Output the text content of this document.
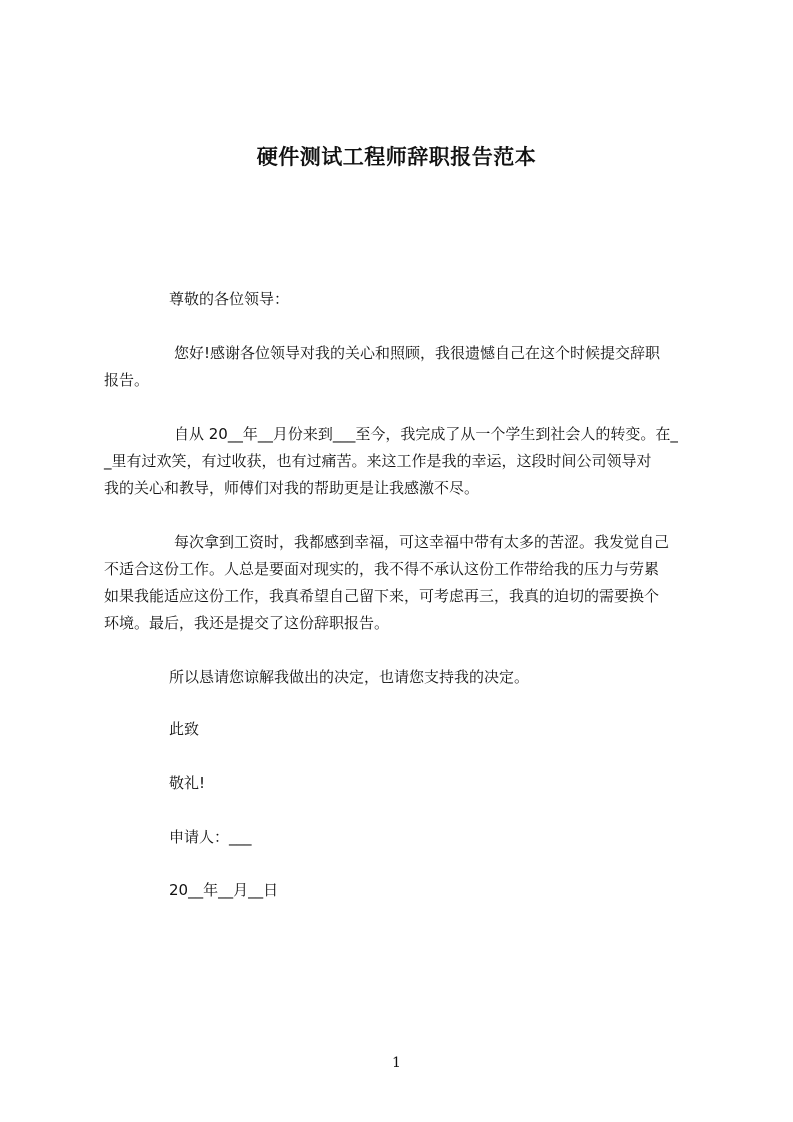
硬件测试工程师辞职报告范本
尊敬的各位领导：
您好!感谢各位领导对我的关心和照顾，我很遗憾自己在这个时候提交辞职
报告。
自从 20__年__月份来到___至今，我完成了从一个学生到社会人的转变。在_
_里有过欢笑，有过收获，也有过痛苦。来这工作是我的幸运，这段时间公司领导对
我的关心和教导，师傅们对我的帮助更是让我感激不尽。
每次拿到工资时，我都感到幸福，可这幸福中带有太多的苦涩。我发觉自己
不适合这份工作。人总是要面对现实的，我不得不承认这份工作带给我的压力与劳累
如果我能适应这份工作，我真希望自己留下来，可考虑再三，我真的迫切的需要换个
环境。最后，我还是提交了这份辞职报告。
所以恳请您谅解我做出的决定，也请您支持我的决定。
此致
敬礼!
申请人：___
20__年__月__日
1
